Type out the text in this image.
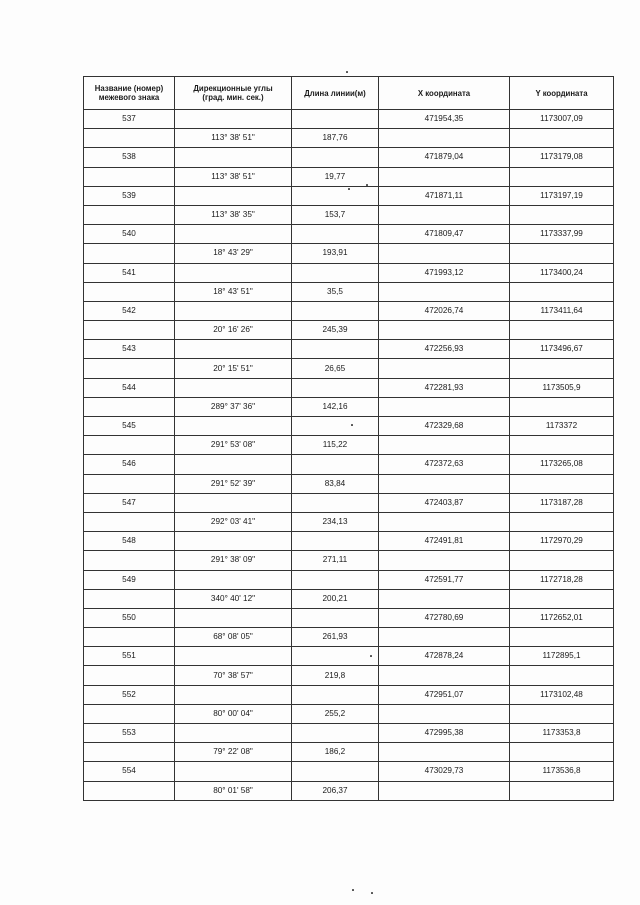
Название (номер)
межевого знака	Дирекционные углы
(град. мин. сек.)	Длина линии(м)	X координата	Y координата

537			471954,35	1173007,09
	113° 38' 51"	187,76		
538			471879,04	1173179,08
	113° 38' 51"	19,77		
539			471871,11	1173197,19
	113° 38' 35"	153,7		
540			471809,47	1173337,99
	18° 43' 29"	193,91		
541			471993,12	1173400,24
	18° 43' 51"	35,5		
542			472026,74	1173411,64
	20° 16' 26"	245,39		
543			472256,93	1173496,67
	20° 15' 51"	26,65		
544			472281,93	1173505,9
	289° 37' 36"	142,16		
545			472329,68	1173372
	291° 53' 08"	115,22		
546			472372,63	1173265,08
	291° 52' 39"	83,84		
547			472403,87	1173187,28
	292° 03' 41"	234,13		
548			472491,81	1172970,29
	291° 38' 09"	271,11		
549			472591,77	1172718,28
	340° 40' 12"	200,21		
550			472780,69	1172652,01
	68° 08' 05"	261,93		
551			472878,24	1172895,1
	70° 38' 57"	219,8		
552			472951,07	1173102,48
	80° 00' 04"	255,2		
553			472995,38	1173353,8
	79° 22' 08"	186,2		
554			473029,73	1173536,8
	80° 01' 58"	206,37		
